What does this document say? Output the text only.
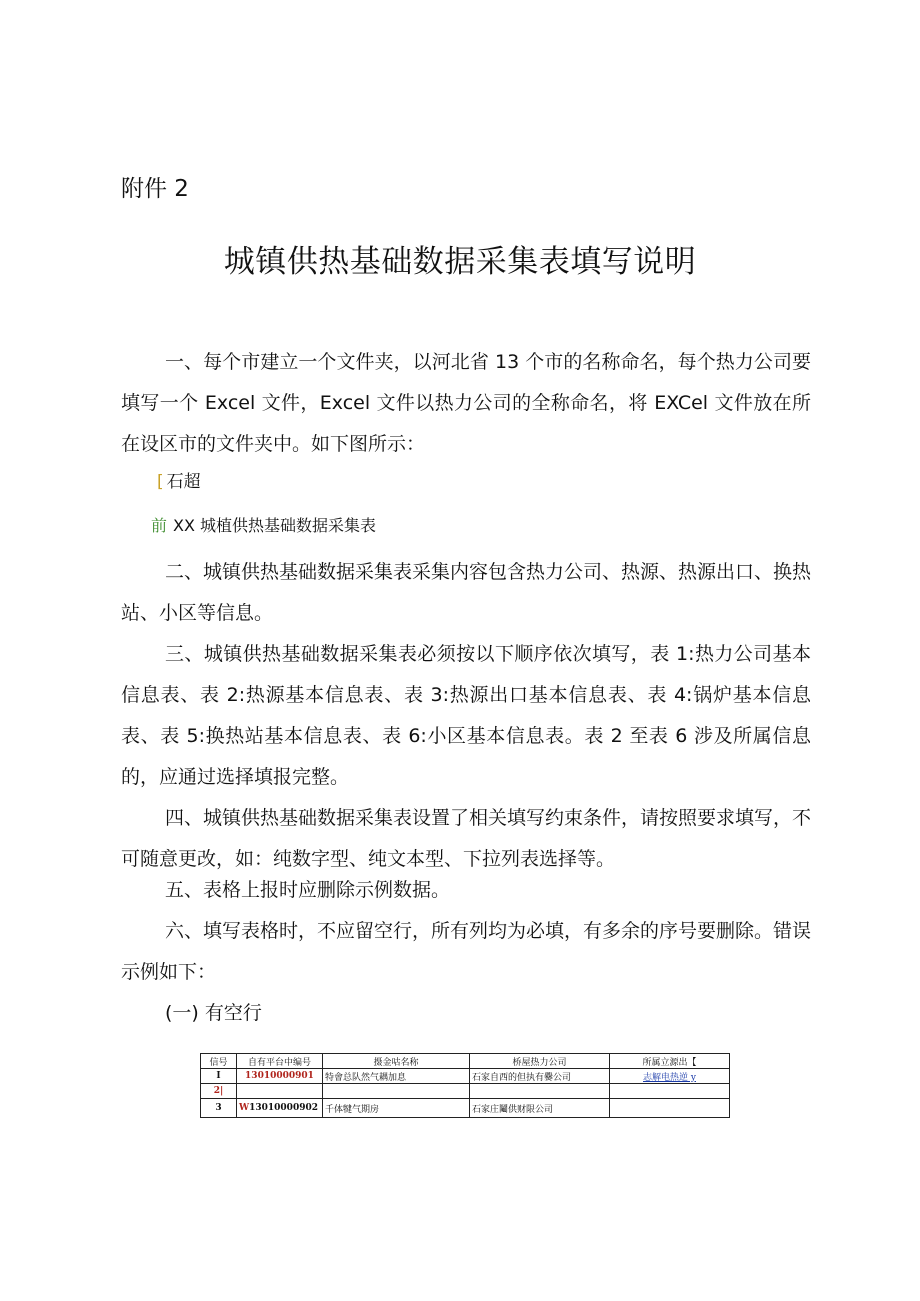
附件 2
城镇供热基础数据采集表填写说明

一、每个市建立一个文件夹，以河北省 13 个市的名称命名，每个热力公司要填写一个 Excel 文件，Excel 文件以热力公司的全称命名，将 EXCel 文件放在所在设区市的文件夹中。如下图所示：

[ 石超
前 XX 城植供热基础数据采集表

二、城镇供热基础数据采集表采集内容包含热力公司、热源、热源出口、换热站、小区等信息。

三、城镇供热基础数据采集表必须按以下顺序依次填写，表 1:热力公司基本信息表、表 2:热源基本信息表、表 3:热源出口基本信息表、表 4:锅炉基本信息表、表 5:换热站基本信息表、表 6:小区基本信息表。表 2 至表 6 涉及所属信息的，应通过选择填报完整。

四、城镇供热基础数据采集表设置了相关填写约束条件，请按照要求填写，不可随意更改，如：纯数字型、纯文本型、下拉列表选择等。

五、表格上报时应删除示例数据。

六、填写表格时，不应留空行，所有列均为必填，有多余的序号要删除。错误示例如下：

(一) 有空行
信号	自有平台中编号	摄金咕名称	桥屋热力公司	所属立源出【
I	13010000901	特會总队然气耦加息	石家自西的但执有爨公司	志解电热逆 y
2|				
3	W13010000902	千体犍气期房	石家庄鬮供财限公司	
